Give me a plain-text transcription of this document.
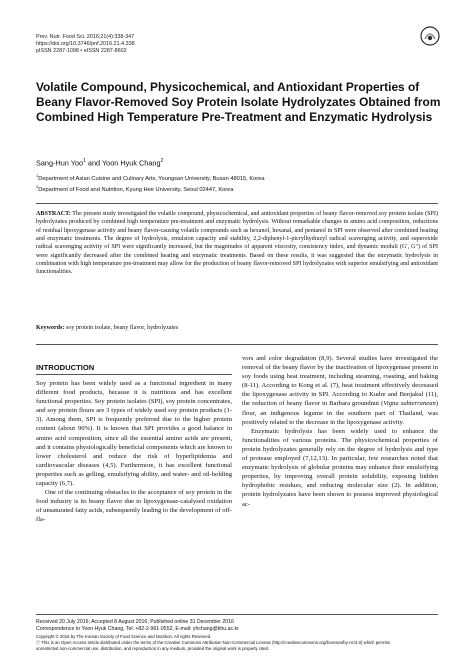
Prev. Nutr. Food Sci. 2016;21(4):338-347
https://doi.org/10.3746/pnf.2016.21.4.338
pISSN 2287-1098 • eISSN 2287-8602
Volatile Compound, Physicochemical, and Antioxidant Properties of Beany Flavor-Removed Soy Protein Isolate Hydrolyzates Obtained from Combined High Temperature Pre-Treatment and Enzymatic Hydrolysis
Sang-Hun Yoo$^1$ and Yoon Hyuk Chang$^2$
$^1$Department of Asian Cuisine and Culinary Arts, Youngsan University, Busan 48015, Korea
$^2$Department of Food and Nutrition, Kyung Hee University, Seoul 02447, Korea
ABSTRACT: The present study investigated the volatile compound, physicochemical, and antioxidant properties of beany flavor-removed soy protein isolate (SPI) hydrolyzates produced by combined high temperature pre-treatment and enzymatic hydrolysis. Without remarkable changes in amino acid composition, reductions of residual lipoxygenase activity and beany flavor-causing volatile compounds such as hexanol, hexanal, and pentanol in SPI were observed after combined heating and enzymatic treatments. The degree of hydrolysis, emulsion capacity and stability, 2,2-diphenyl-1-picrylhydrazyl radical scavenging activity, and superoxide radical scavenging activity of SPI were significantly increased, but the magnitudes of apparent viscosity, consistency index, and dynamic moduli (G′, G″) of SPI were significantly decreased after the combined heating and enzymatic treatments. Based on these results, it was suggested that the enzymatic hydrolysis in combination with high temperature pre-treatment may allow for the production of beany flavor-removed SPI hydrolyzates with superior emulsifying and antioxidant functionalities.
Keywords: soy protein isolate, beany flavor, hydrolyzates
INTRODUCTION

Soy protein has been widely used as a functional ingredient in many different food products, because it is nutritious and has excellent functional properties. Soy protein isolates (SPI), soy protein concentrates, and soy protein flours are 3 types of widely used soy protein products (1-3). Among them, SPI is frequently preferred due to the higher protein content (about 90%). It is known that SPI provides a good balance in amino acid composition, since all the essential amino acids are present, and it contains physiologically beneficial components which are known to lower cholesterol and reduce the risk of hyperlipidemia and cardiovascular diseases (4,5). Furthermore, it has excellent functional properties such as gelling, emulsifying ability, and water- and oil-holding capacity (6,7).

One of the continuing obstacles to the acceptance of soy protein in the food industry is its beany flavor due to lipoxygenase-catalysed oxidation of unsaturated fatty acids, subsequently leading to the development of off-fla-

vors and color degradation (8,9). Several studies have investigated the removal of the beany flavor by the inactivation of lipoxygenase present in soy foods using heat treatment, including steaming, roasting, and baking (8-11). According to Kong et al. (7), heat treatment effectively decreased the lipoxygenase activity in SPI. According to Kudre and Benjakul (11), the reduction of beany flavor in Barbara groundnut (Vigna subterranean) flour, an indigenous legume in the southern part of Thailand, was positively related to the decrease in the lipoxygenase activity.

Enzymatic hydrolysis has been widely used to enhance the functionalities of various proteins. The physicochemical properties of protein hydrolyzates generally rely on the degree of hydrolysis and type of protease employed (7,12,13). In particular, few researches noted that enzymatic hydrolysis of globular proteins may enhance their emulsifying properties, by improving overall protein solubility, exposing hidden hydrophobic residues, and reducing molecular size (2). In addition, protein hydrolyzates have been shown to possess improved physiological ac-

Received 20 July 2016; Accepted 8 August 2016; Published online 31 December 2016
Correspondence to Yoon Hyuk Chang, Tel: +82-2-961-0552, E-mail: yhchang@khu.ac.kr
Copyright © 2016 by The Korean Society of Food Science and Nutrition. All rights Reserved.
ⓒ This is an Open Access article distributed under the terms of the Creative Commons Attribution Non-Commercial License (http://creativecommons.org/licenses/by-nc/4.0) which permits
unrestricted non-commercial use, distribution, and reproduction in any medium, provided the original work is properly cited.
